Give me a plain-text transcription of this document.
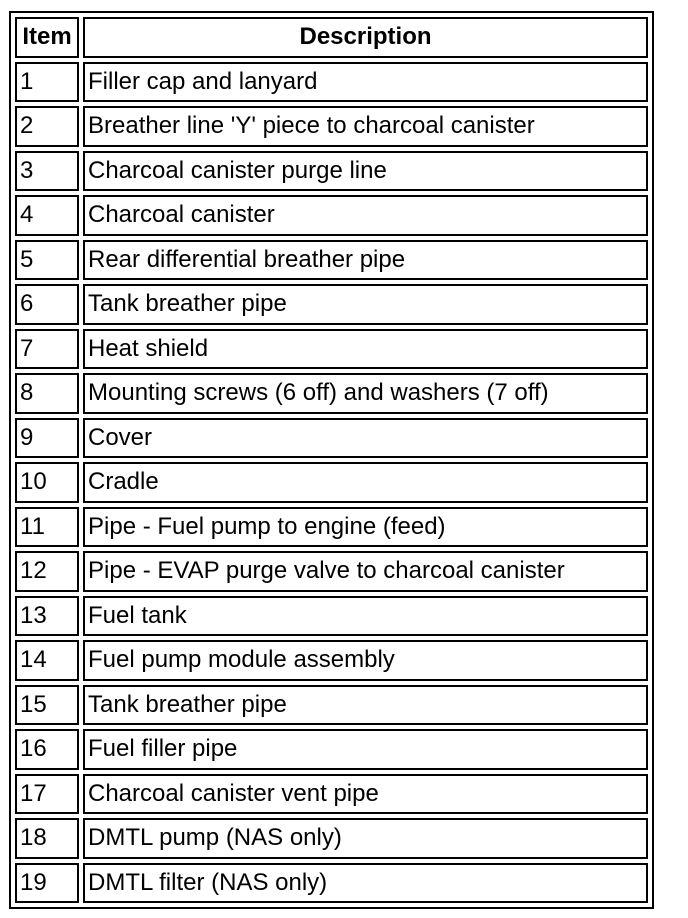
Item	Description
1	Filler cap and lanyard
2	Breather line 'Y' piece to charcoal canister
3	Charcoal canister purge line
4	Charcoal canister
5	Rear differential breather pipe
6	Tank breather pipe
7	Heat shield
8	Mounting screws (6 off) and washers (7 off)
9	Cover
10	Cradle
11	Pipe - Fuel pump to engine (feed)
12	Pipe - EVAP purge valve to charcoal canister
13	Fuel tank
14	Fuel pump module assembly
15	Tank breather pipe
16	Fuel filler pipe
17	Charcoal canister vent pipe
18	DMTL pump (NAS only)
19	DMTL filter (NAS only)
